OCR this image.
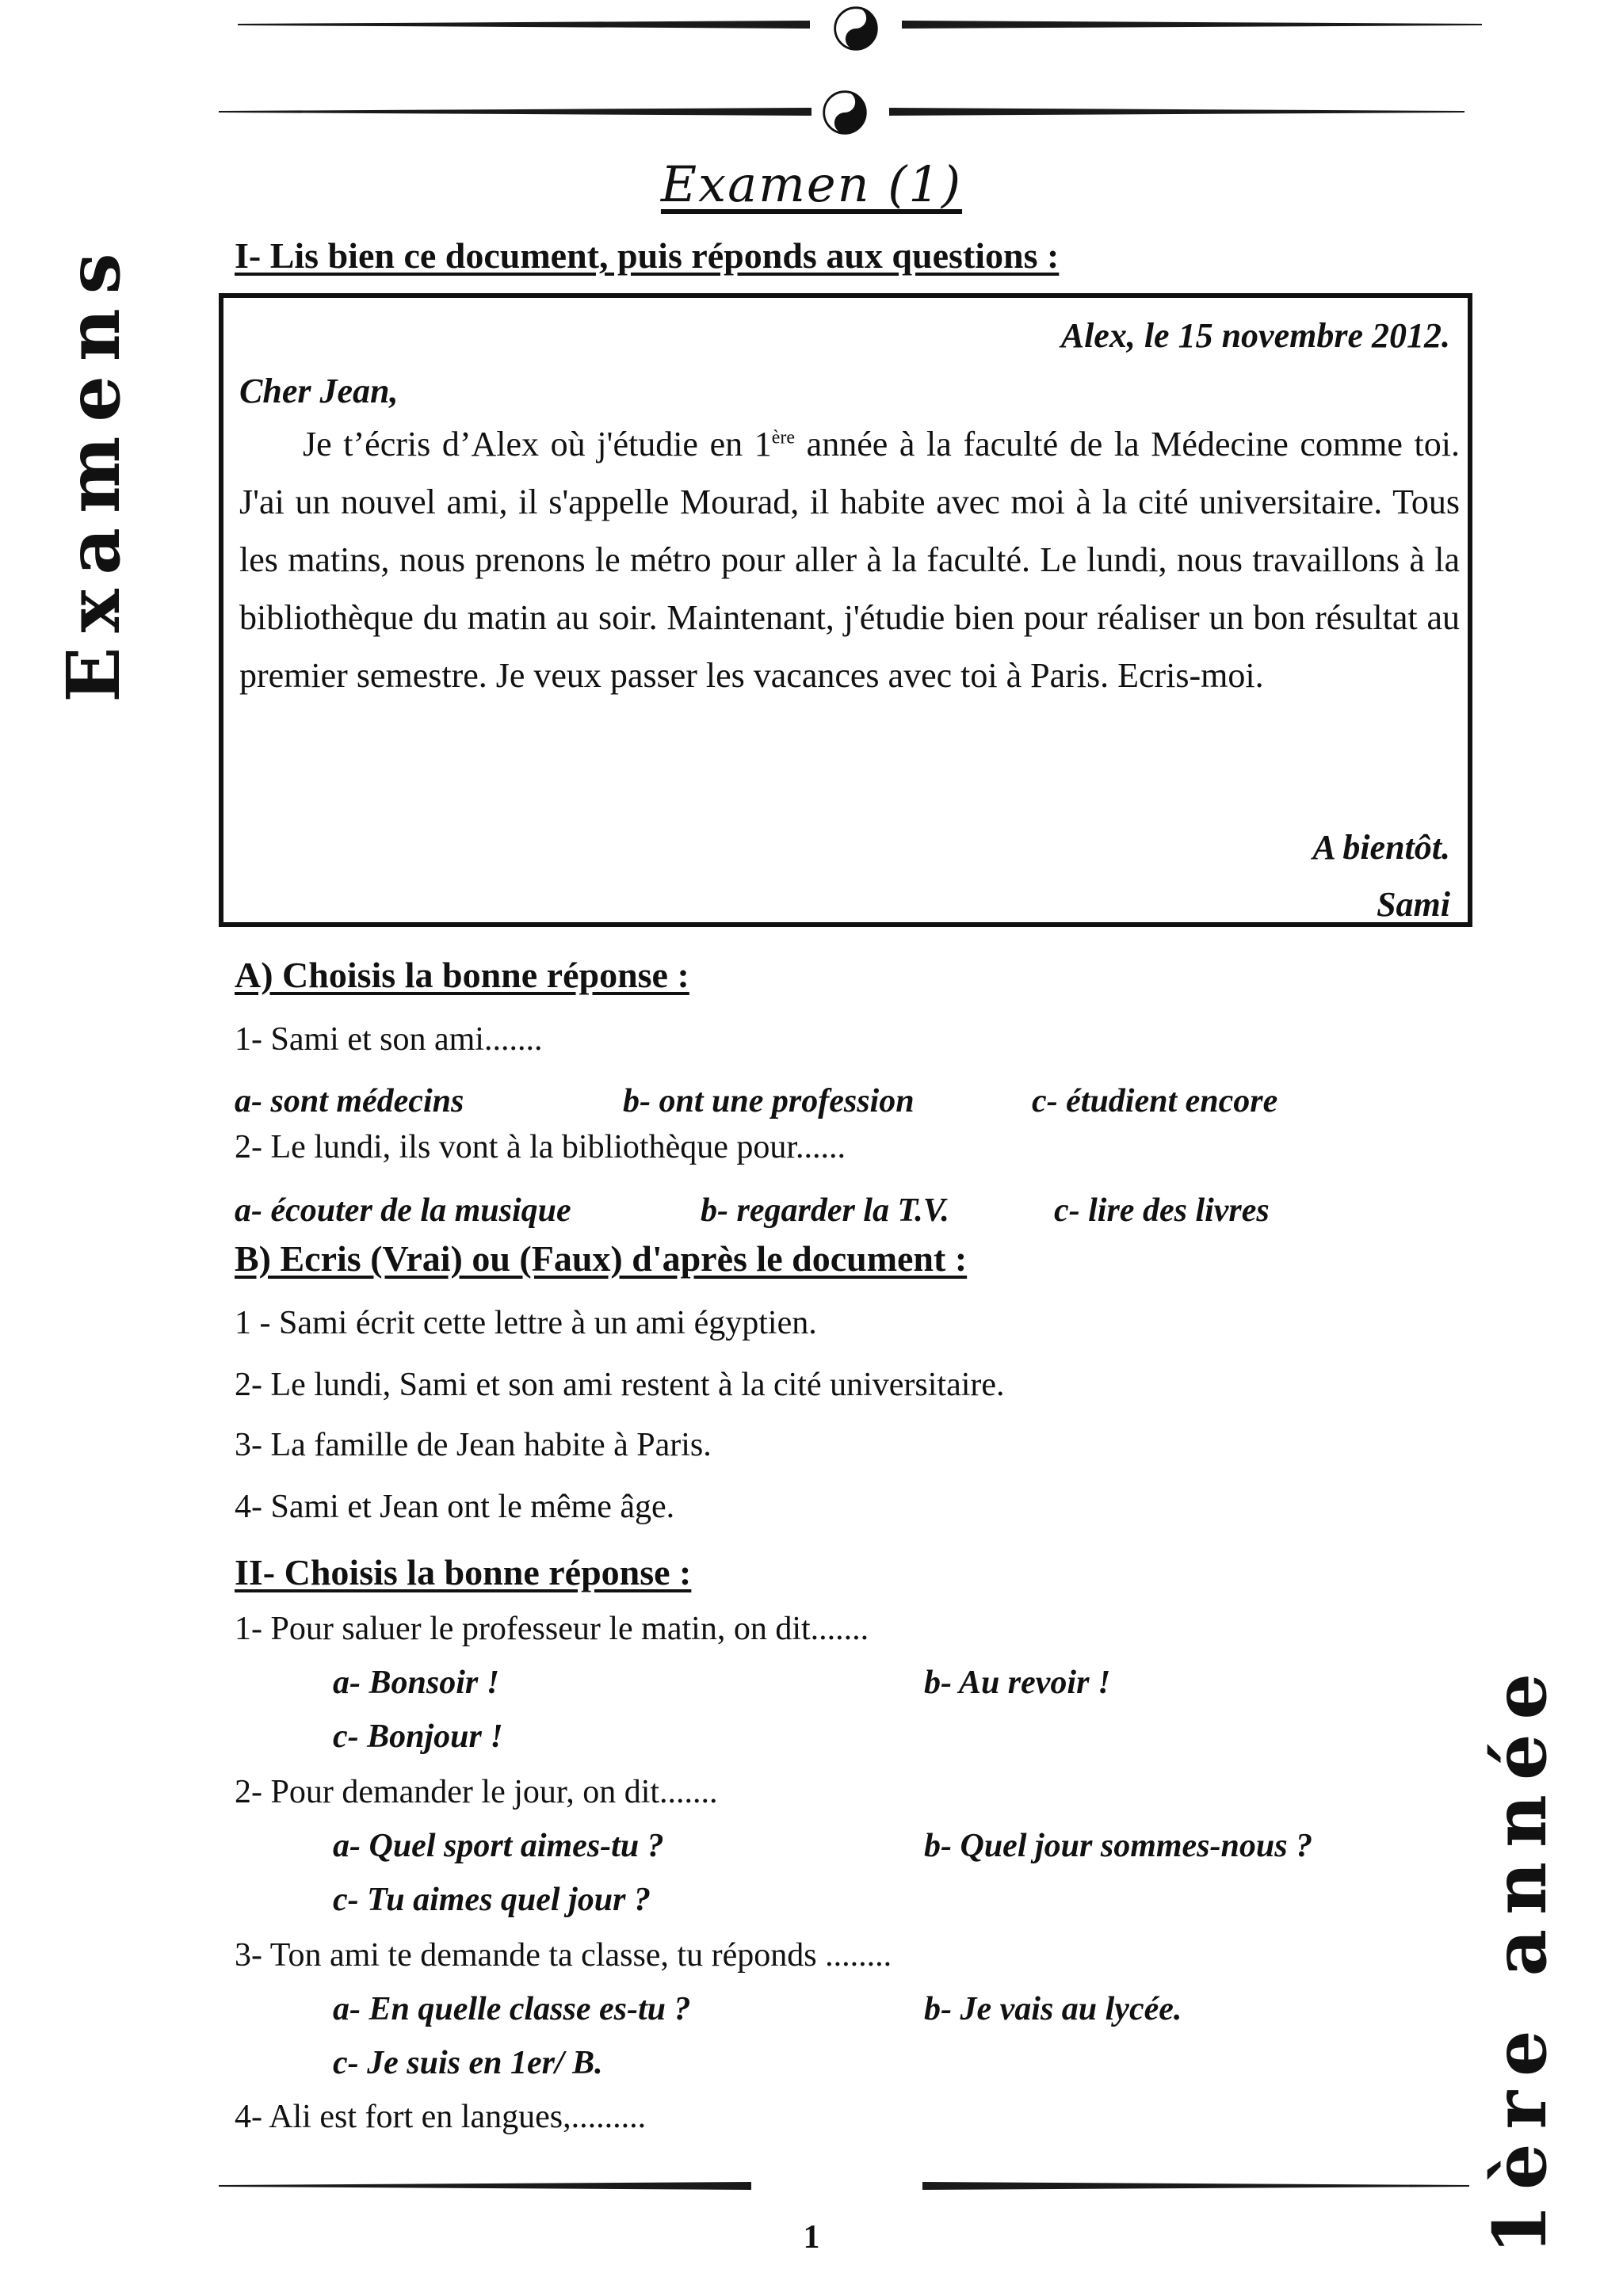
Examens
1ère année
Examen (1)
I- Lis bien ce document, puis réponds aux questions :
Alex, le 15 novembre 2012.
Cher Jean,
Je t’écris d’Alex où j'étudie en 1ère année à la faculté de la Médecine comme toi. J'ai un nouvel ami, il s'appelle Mourad, il habite avec moi à la cité universitaire. Tous les matins, nous prenons le métro pour aller à la faculté. Le lundi, nous travaillons à la bibliothèque du matin au soir. Maintenant, j'étudie bien pour réaliser un bon résultat au premier semestre. Je veux passer les vacances avec toi à Paris. Ecris-moi.
A bientôt.
Sami
A) Choisis la bonne réponse :
1- Sami et son ami.......
a- sont médecins	b- ont une profession	c- étudient encore
2- Le lundi, ils vont à la bibliothèque pour......
a- écouter de la musique	b- regarder la T.V.	c- lire des livres
B) Ecris (Vrai) ou (Faux) d'après le document :
1 - Sami écrit cette lettre à un ami égyptien.
2- Le lundi, Sami et son ami restent à la cité universitaire.
3- La famille de Jean habite à Paris.
4- Sami et Jean ont le même âge.
II- Choisis la bonne réponse :
1- Pour saluer le professeur le matin, on dit.......
a- Bonsoir !	b- Au revoir !
c- Bonjour !
2- Pour demander le jour, on dit.......
a- Quel sport aimes-tu ?	b- Quel jour sommes-nous ?
c- Tu aimes quel jour ?
3- Ton ami te demande ta classe, tu réponds ........
a- En quelle classe es-tu ?	b- Je vais au lycée.
c- Je suis en 1er/ B.
4- Ali est fort en langues,.........
1
